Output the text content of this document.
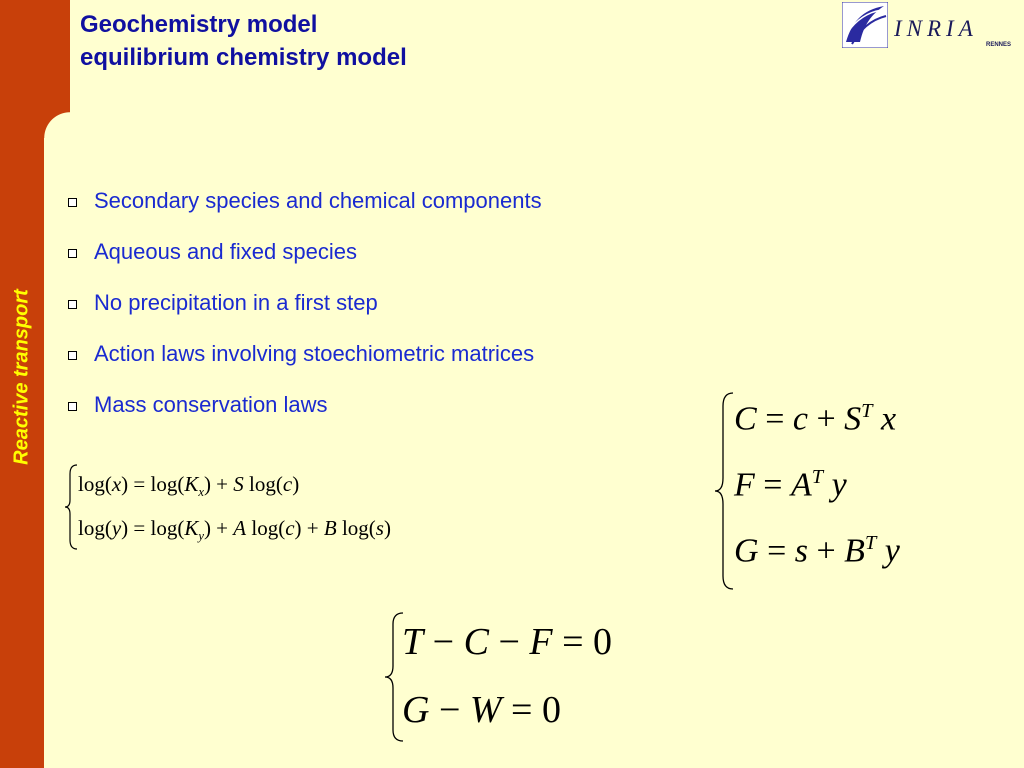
Reactive transport
Geochemistry model
equilibrium chemistry model
INRIA
RENNES
Secondary species and chemical components
Aqueous and fixed species
No precipitation in a first step
Action laws involving stoechiometric matrices
Mass conservation laws
$\log(x) = \log(K_x) + S$ log(c)
$\log(y) = \log(K_y) + A$ log(c) + B log(s)
$C = c + S^T$ x
$F = A^T$ y
$G = s + B^T$ y
T − C − F = 0
G − W = 0
